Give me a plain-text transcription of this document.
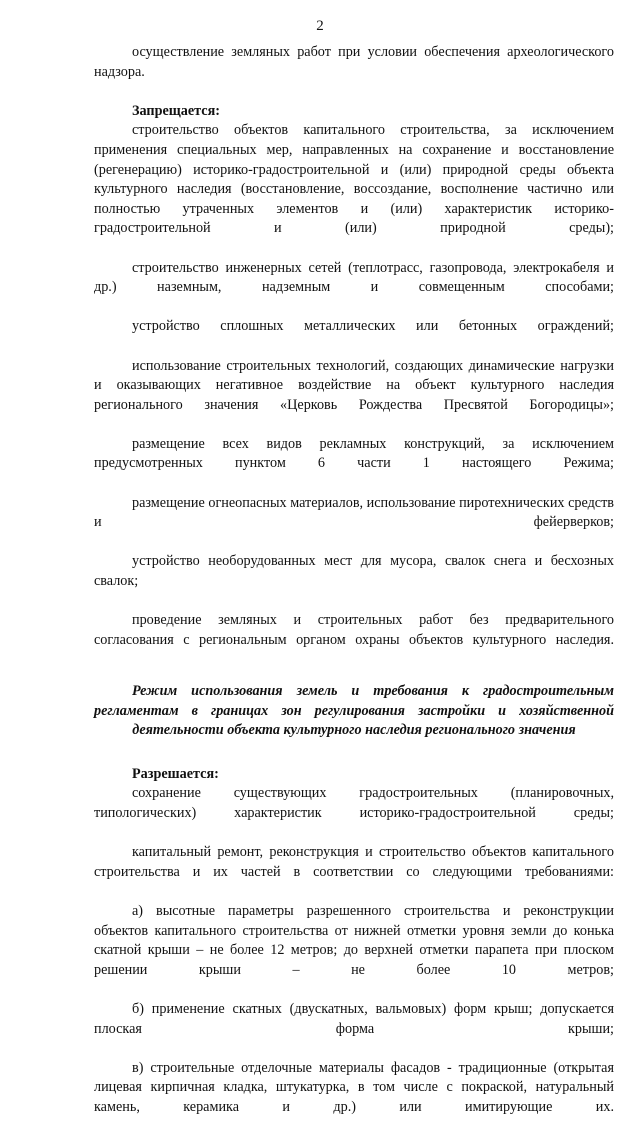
2

осуществление земляных работ при условии обеспечения археологического надзора.

Запрещается:

строительство объектов капитального строительства, за исключением применения специальных мер, направленных на сохранение и восстановление (регенерацию) историко-градостроительной и (или) природной среды объекта культурного наследия (восстановление, воссоздание, восполнение частично или полностью утраченных элементов и (или) характеристик историко-градостроительной и (или) природной среды);

строительство инженерных сетей (теплотрасс, газопровода, электрокабеля и др.) наземным, надземным и совмещенным способами;

устройство сплошных металлических или бетонных ограждений;

использование строительных технологий, создающих динамические нагрузки и оказывающих негативное воздействие на объект культурного наследия регионального значения «Церковь Рождества Пресвятой Богородицы»;

размещение всех видов рекламных конструкций, за исключением предусмотренных пунктом 6 части 1 настоящего Режима;

размещение огнеопасных материалов, использование пиротехнических средств и фейерверков;

устройство необорудованных мест для мусора, свалок снега и бесхозных свалок;

проведение земляных и строительных работ без предварительного согласования с региональным органом охраны объектов культурного наследия.

Режим использования земель и требования к градостроительным регламентам в границах зон регулирования застройки и хозяйственной деятельности объекта культурного наследия регионального значения

Разрешается:

сохранение существующих градостроительных (планировочных, типологических) характеристик историко-градостроительной среды;

капитальный ремонт, реконструкция и строительство объектов капитального строительства и их частей в соответствии со следующими требованиями:

а) высотные параметры разрешенного строительства и реконструкции объектов капитального строительства от нижней отметки уровня земли до конька скатной крыши – не более 12 метров; до верхней отметки парапета при плоском решении крыши – не более 10 метров;

б) применение скатных (двускатных, вальмовых) форм крыш; допускается плоская форма крыши;

в) строительные отделочные материалы фасадов - традиционные (открытая лицевая кирпичная кладка, штукатурка, в том числе с покраской, натуральный камень, керамика и др.) или имитирующие их.
